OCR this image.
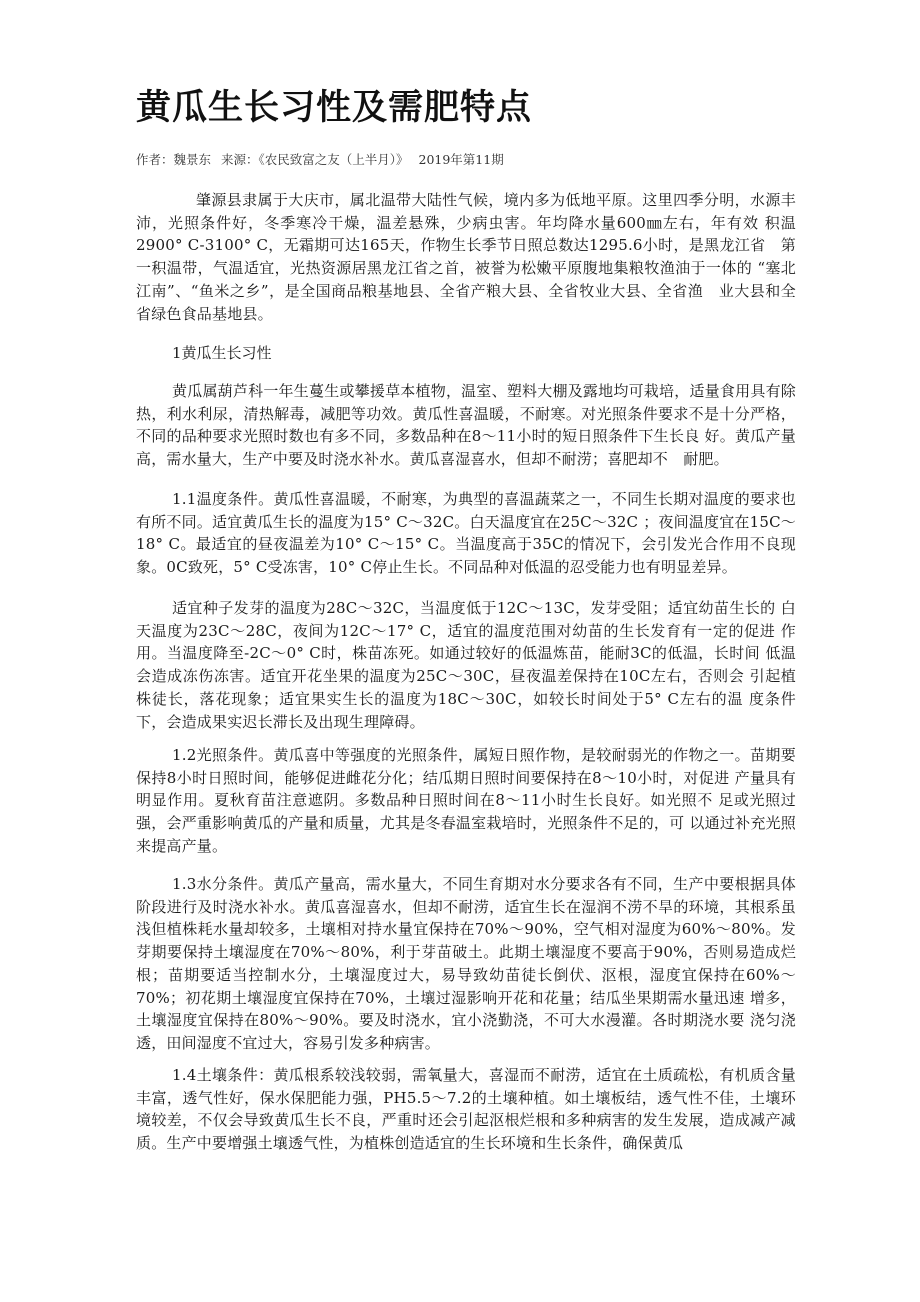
黄瓜生长习性及需肥特点
作者：魏景东 来源：《农民致富之友（上半月）》 2019年第11期

肇源县隶属于大庆市，属北温带大陆性气候，境内多为低地平原。这里四季分明，水源丰沛，光照条件好，冬季寒冷干燥，温差悬殊，少病虫害。年均降水量600㎜左右，年有效 积温2900° C-3100° C，无霜期可达165天，作物生长季节日照总数达1295.6小时，是黑龙江省　第一积温带，气温适宜，光热资源居黑龙江省之首，被誉为松嫩平原腹地集粮牧渔油于一体的 “塞北江南”、“鱼米之乡”，是全国商品粮基地县、全省产粮大县、全省牧业大县、全省渔　业大县和全省绿色食品基地县。

1黄瓜生长习性

黄瓜属葫芦科一年生蔓生或攀援草本植物，温室、塑料大棚及露地均可栽培，适量食用具有除热，利水利尿，清热解毒，减肥等功效。黄瓜性喜温暖，不耐寒。对光照条件要求不是十分严格，不同的品种要求光照时数也有多不同，多数品种在8～11小时的短日照条件下生长良 好。黄瓜产量高，需水量大，生产中要及时浇水补水。黄瓜喜湿喜水，但却不耐涝；喜肥却不　耐肥。

1.1温度条件。黄瓜性喜温暖，不耐寒，为典型的喜温蔬菜之一，不同生长期对温度的要求也有所不同。适宜黄瓜生长的温度为15° C～32C。白天温度宜在25C～32C ；夜间温度宜在15C～18° C。最适宜的昼夜温差为10° C～15° C。当温度高于35C的情况下，会引发光合作用不良现象。0C致死，5° C受冻害，10° C停止生长。不同品种对低温的忍受能力也有明显差异。

适宜种子发芽的温度为28C～32C，当温度低于12C～13C，发芽受阻；适宜幼苗生长的 白天温度为23C～28C，夜间为12C～17° C，适宜的温度范围对幼苗的生长发育有一定的促进 作用。当温度降至-2C～0° C时，株苗冻死。如通过较好的低温炼苗，能耐3C的低温，长时间 低温会造成冻伤冻害。适宜开花坐果的温度为25C～30C，昼夜温差保持在10C左右，否则会 引起植株徒长，落花现象；适宜果实生长的温度为18C～30C，如较长时间处于5° C左右的温 度条件下，会造成果实迟长滞长及出现生理障碍。

1.2光照条件。黄瓜喜中等强度的光照条件，属短日照作物，是较耐弱光的作物之一。苗期要保持8小时日照时间，能够促进雌花分化；结瓜期日照时间要保持在8～10小时，对促进 产量具有明显作用。夏秋育苗注意遮阴。多数品种日照时间在8～11小时生长良好。如光照不 足或光照过强，会严重影响黄瓜的产量和质量，尤其是冬春温室栽培时，光照条件不足的，可 以通过补充光照来提高产量。

1.3水分条件。黄瓜产量高，需水量大，不同生育期对水分要求各有不同，生产中要根据具体阶段进行及时浇水补水。黄瓜喜湿喜水，但却不耐涝，适宜生长在湿润不涝不旱的环境，其根系虽浅但植株耗水量却较多，土壤相对持水量宜保持在70%～90%，空气相对湿度为60%～80%。发芽期要保持土壤湿度在70%～80%，利于芽苗破土。此期土壤湿度不要高于90%，否则易造成烂根；苗期要适当控制水分，土壤湿度过大，易导致幼苗徒长倒伏、沤根，湿度宜保持在60%～70%；初花期土壤湿度宜保持在70%，土壤过湿影响开花和花量；结瓜坐果期需水量迅速 增多，土壤湿度宜保持在80%～90%。要及时浇水，宜小浇勤浇，不可大水漫灌。各时期浇水要 浇匀浇透，田间湿度不宜过大，容易引发多种病害。

1.4土壤条件：黄瓜根系较浅较弱，需氧量大，喜湿而不耐涝，适宜在土质疏松，有机质含量丰富，透气性好，保水保肥能力强，PH5.5～7.2的土壤种植。如土壤板结，透气性不佳，土壤环境较差，不仅会导致黄瓜生长不良，严重时还会引起沤根烂根和多种病害的发生发展，造成减产减质。生产中要增强土壤透气性，为植株创造适宜的生长环境和生长条件，确保黄瓜
